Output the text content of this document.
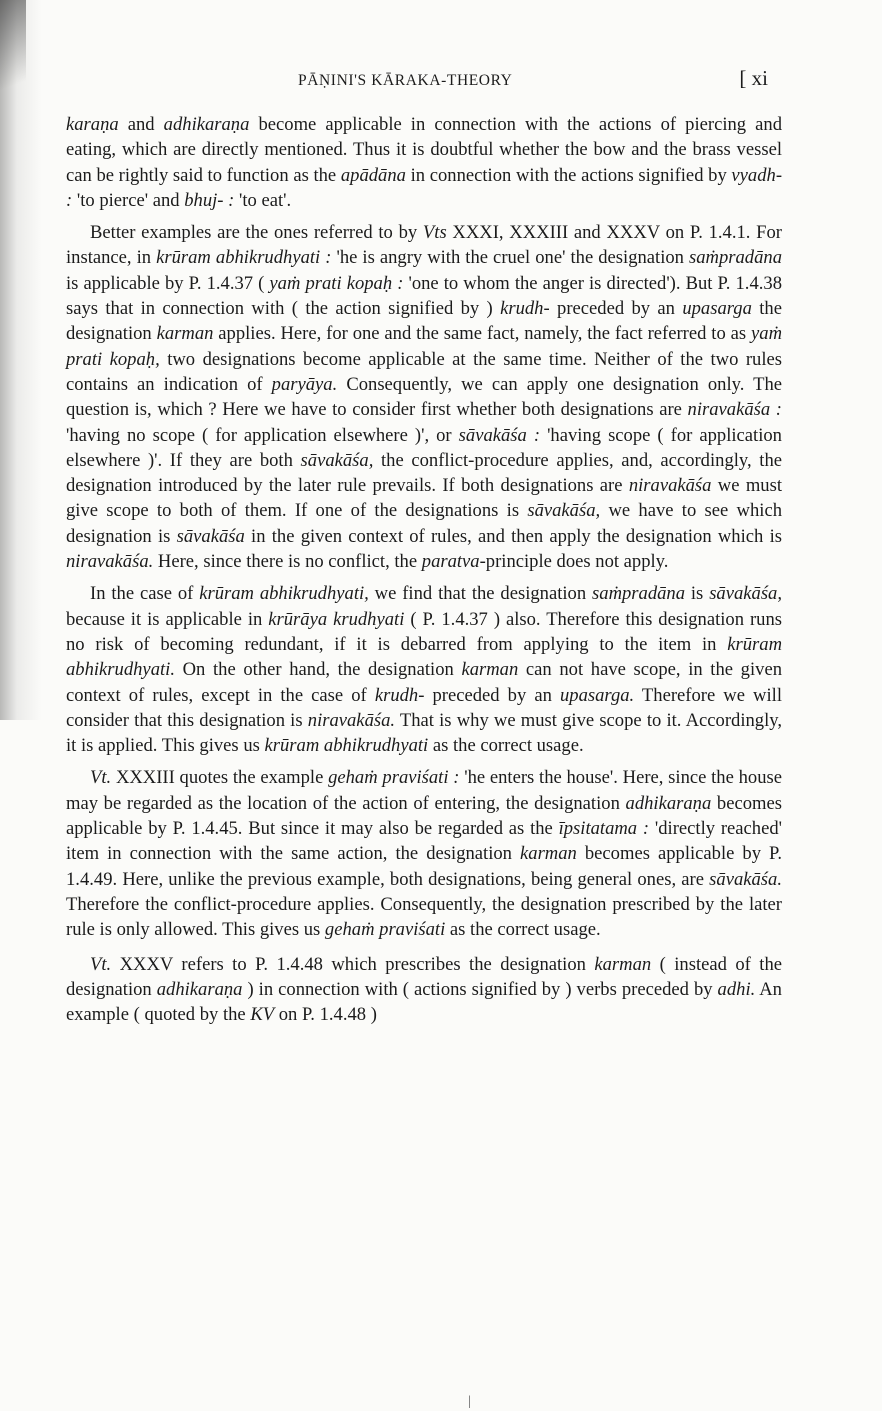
PĀṆINI'S KĀRAKA-THEORY	[ xi

karaṇa and adhikaraṇa become applicable in connection with the actions of piercing and eating, which are directly mentioned. Thus it is doubtful whether the bow and the brass vessel can be rightly said to function as the apādāna in connection with the actions signified by vyadh- : 'to pierce' and bhuj- : 'to eat'.

Better examples are the ones referred to by Vts XXXI, XXXIII and XXXV on P. 1.4.1. For instance, in krūram abhikrudhyati : 'he is angry with the cruel one' the designation saṁpradāna is applicable by P. 1.4.37 ( yaṁ prati kopaḥ : 'one to whom the anger is directed'). But P. 1.4.38 says that in connection with ( the action signified by ) krudh- preceded by an upasarga the designation karman applies. Here, for one and the same fact, namely, the fact referred to as yaṁ prati kopaḥ, two designations become applicable at the same time. Neither of the two rules contains an indication of paryāya. Consequently, we can apply one designation only. The question is, which ? Here we have to consider first whether both designations are niravakāśa : 'having no scope ( for application elsewhere )', or sāvakāśa : 'having scope ( for application elsewhere )'. If they are both sāvakāśa, the conflict-procedure applies, and, accordingly, the designation introduced by the later rule prevails. If both designations are niravakāśa we must give scope to both of them. If one of the designations is sāvakāśa, we have to see which designation is sāvakāśa in the given context of rules, and then apply the designation which is niravakāśa. Here, since there is no conflict, the paratva-principle does not apply.

In the case of krūram abhikrudhyati, we find that the designation saṁpradāna is sāvakāśa, because it is applicable in krūrāya krudhyati ( P. 1.4.37 ) also. Therefore this designation runs no risk of becoming redundant, if it is debarred from applying to the item in krūram abhikrudhyati. On the other hand, the designation karman can not have scope, in the given context of rules, except in the case of krudh- preceded by an upasarga. Therefore we will consider that this designation is niravakāśa. That is why we must give scope to it. Accordingly, it is applied. This gives us krūram abhikrudhyati as the correct usage.

Vt. XXXIII quotes the example gehaṁ praviśati : 'he enters the house'. Here, since the house may be regarded as the location of the action of entering, the designation adhikaraṇa becomes applicable by P. 1.4.45. But since it may also be regarded as the īpsitatama : 'directly reached' item in connection with the same action, the designation karman becomes applicable by P. 1.4.49. Here, unlike the previous example, both designations, being general ones, are sāvakāśa. Therefore the conflict-procedure applies. Consequently, the designation prescribed by the later rule is only allowed. This gives us gehaṁ praviśati as the correct usage.

Vt. XXXV refers to P. 1.4.48 which prescribes the designation karman ( instead of the designation adhikaraṇa ) in connection with ( actions signified by ) verbs preceded by adhi. An example ( quoted by the KV on P. 1.4.48 )

|
